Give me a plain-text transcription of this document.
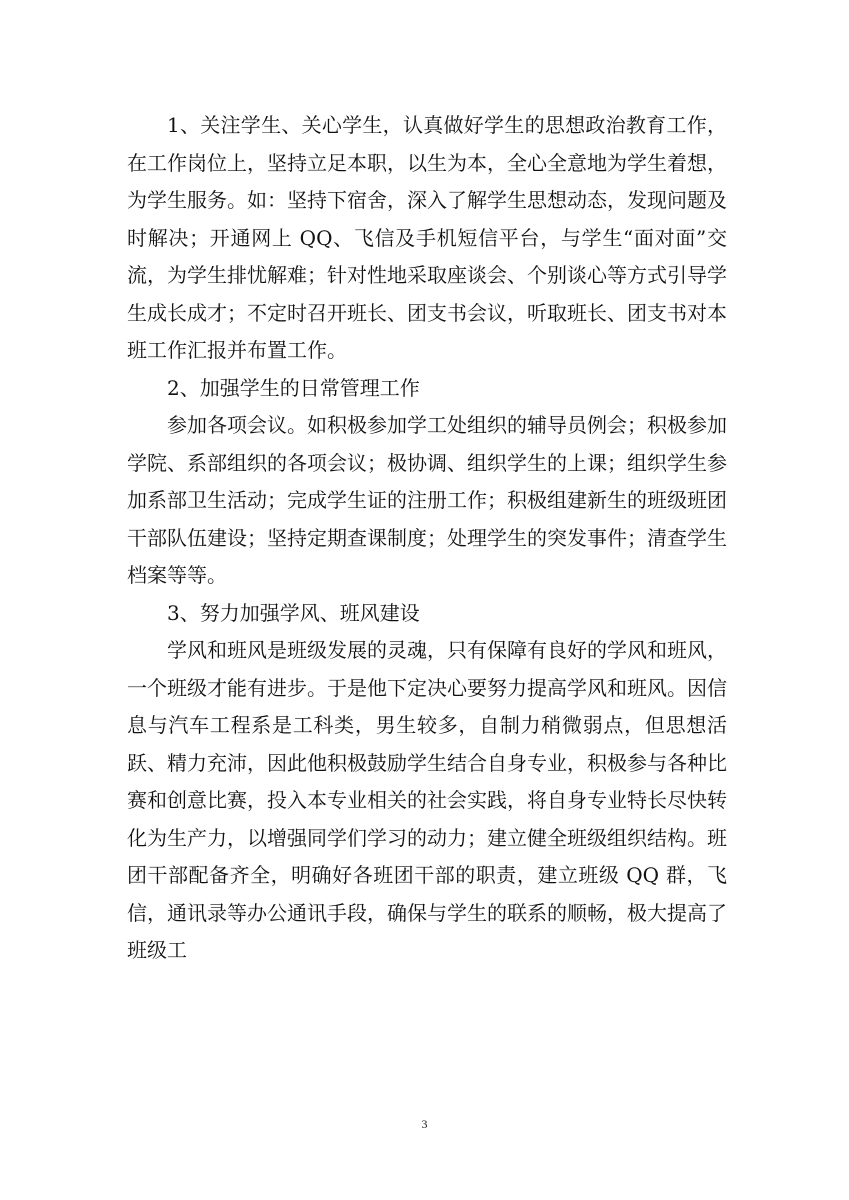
1、关注学生、关心学生，认真做好学生的思想政治教育工作，在工作岗位上，坚持立足本职，以生为本，全心全意地为学生着想，为学生服务。如：坚持下宿舍，深入了解学生思想动态，发现问题及时解决；开通网上 QQ、飞信及手机短信平台，与学生“面对面”交流，为学生排忧解难；针对性地采取座谈会、个别谈心等方式引导学生成长成才；不定时召开班长、团支书会议，听取班长、团支书对本班工作汇报并布置工作。

2、加强学生的日常管理工作

参加各项会议。如积极参加学工处组织的辅导员例会；积极参加学院、系部组织的各项会议；极协调、组织学生的上课；组织学生参加系部卫生活动；完成学生证的注册工作；积极组建新生的班级班团干部队伍建设；坚持定期查课制度；处理学生的突发事件；清查学生档案等等。

3、努力加强学风、班风建设

学风和班风是班级发展的灵魂，只有保障有良好的学风和班风，一个班级才能有进步。于是他下定决心要努力提高学风和班风。因信息与汽车工程系是工科类，男生较多，自制力稍微弱点，但思想活跃、精力充沛，因此他积极鼓励学生结合自身专业，积极参与各种比赛和创意比赛，投入本专业相关的社会实践，将自身专业特长尽快转化为生产力，以增强同学们学习的动力；建立健全班级组织结构。班团干部配备齐全，明确好各班团干部的职责，建立班级 QQ 群，飞信，通讯录等办公通讯手段，确保与学生的联系的顺畅，极大提高了班级工

3
